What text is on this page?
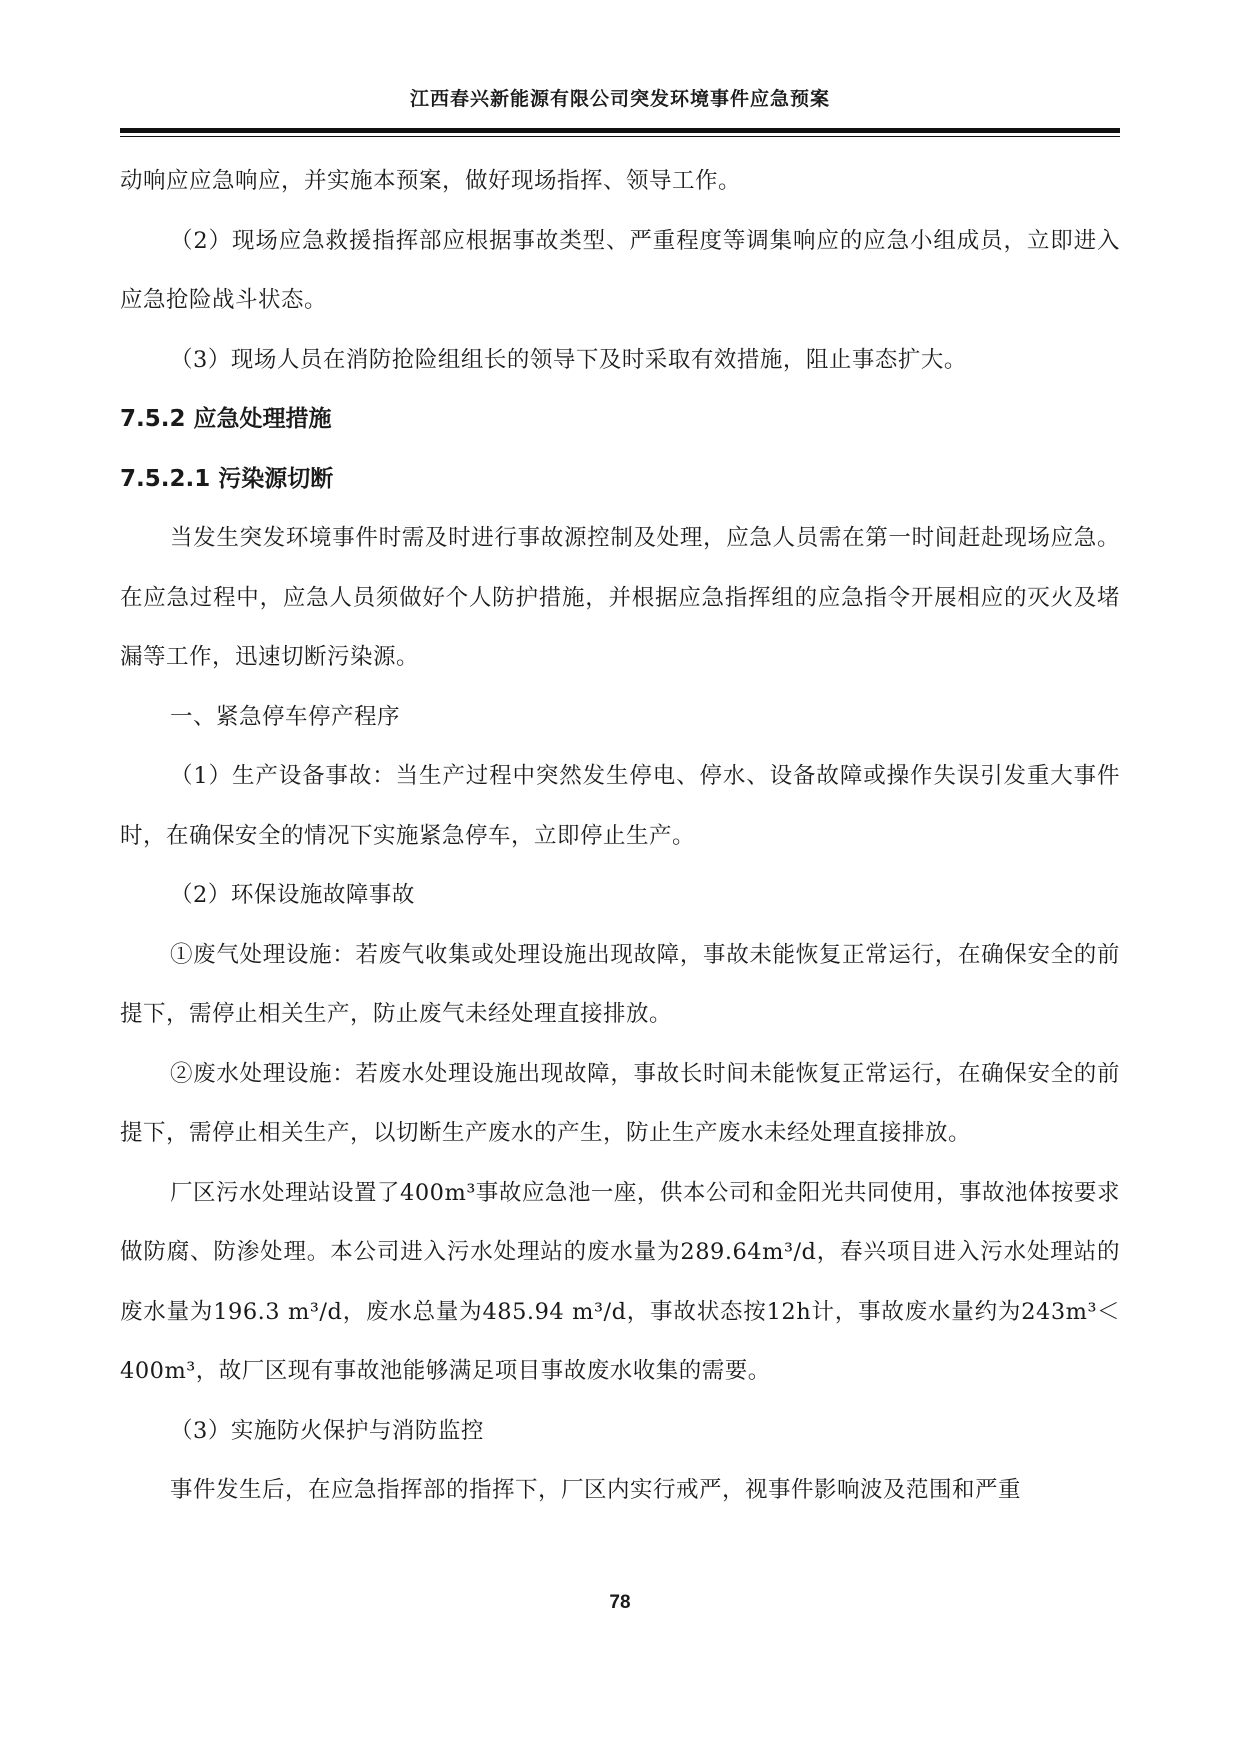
江西春兴新能源有限公司突发环境事件应急预案

动响应应急响应，并实施本预案，做好现场指挥、领导工作。

（2）现场应急救援指挥部应根据事故类型、严重程度等调集响应的应急小组成员，立即进入应急抢险战斗状态。

（3）现场人员在消防抢险组组长的领导下及时采取有效措施，阻止事态扩大。

7.5.2 应急处理措施

7.5.2.1 污染源切断

当发生突发环境事件时需及时进行事故源控制及处理，应急人员需在第一时间赶赴现场应急。在应急过程中，应急人员须做好个人防护措施，并根据应急指挥组的应急指令开展相应的灭火及堵漏等工作，迅速切断污染源。

一、紧急停车停产程序

（1）生产设备事故：当生产过程中突然发生停电、停水、设备故障或操作失误引发重大事件时，在确保安全的情况下实施紧急停车，立即停止生产。

（2）环保设施故障事故

①废气处理设施：若废气收集或处理设施出现故障，事故未能恢复正常运行，在确保安全的前提下，需停止相关生产，防止废气未经处理直接排放。

②废水处理设施：若废水处理设施出现故障，事故长时间未能恢复正常运行，在确保安全的前提下，需停止相关生产，以切断生产废水的产生，防止生产废水未经处理直接排放。

厂区污水处理站设置了400m³事故应急池一座，供本公司和金阳光共同使用，事故池体按要求做防腐、防渗处理。本公司进入污水处理站的废水量为289.64m³/d，春兴项目进入污水处理站的废水量为196.3 m³/d，废水总量为485.94 m³/d，事故状态按12h计，事故废水量约为243m³＜400m³，故厂区现有事故池能够满足项目事故废水收集的需要。

（3）实施防火保护与消防监控

事件发生后，在应急指挥部的指挥下，厂区内实行戒严，视事件影响波及范围和严重

78
